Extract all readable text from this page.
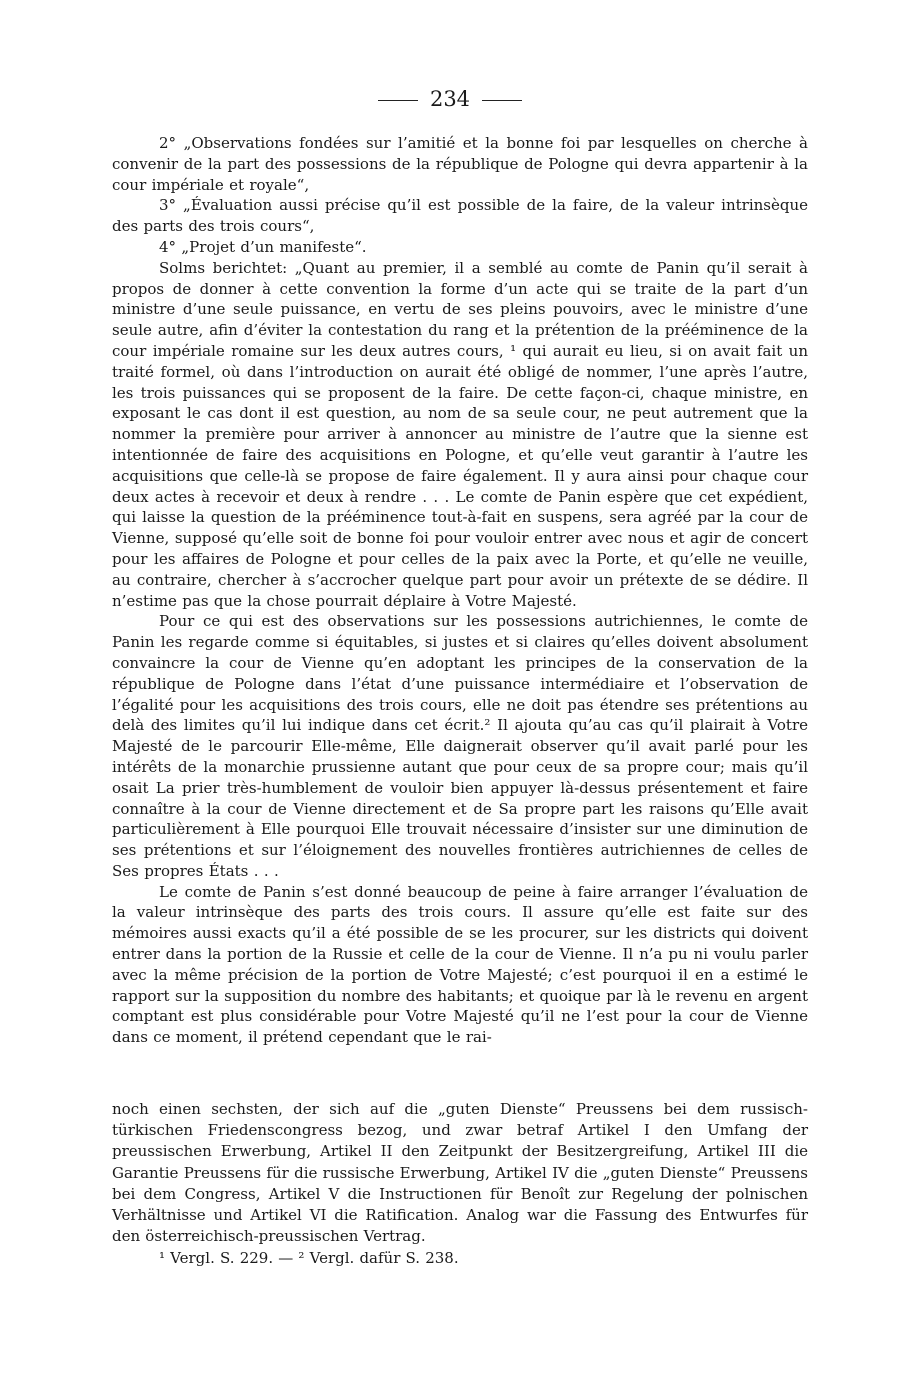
234

2° „Observations fondées sur l’amitié et la bonne foi par lesquelles on cherche à convenir de la part des possessions de la république de Pologne qui devra appartenir à la cour impériale et royale“,

3° „Évaluation aussi précise qu’il est possible de la faire, de la valeur intrinsèque des parts des trois cours“,

4° „Projet d’un manifeste“.

Solms berichtet: „Quant au premier, il a semblé au comte de Panin qu’il serait à propos de donner à cette convention la forme d’un acte qui se traite de la part d’un ministre d’une seule puissance, en vertu de ses pleins pouvoirs, avec le ministre d’une seule autre, afin d’éviter la contestation du rang et la prétention de la prééminence de la cour impériale romaine sur les deux autres cours, ¹ qui aurait eu lieu, si on avait fait un traité formel, où dans l’introduction on aurait été obligé de nommer, l’une après l’autre, les trois puissances qui se proposent de la faire. De cette façon-ci, chaque ministre, en exposant le cas dont il est question, au nom de sa seule cour, ne peut autrement que la nommer la première pour arriver à annoncer au ministre de l’autre que la sienne est intentionnée de faire des acquisitions en Pologne, et qu’elle veut garantir à l’autre les acquisitions que celle-là se propose de faire également. Il y aura ainsi pour chaque cour deux actes à recevoir et deux à rendre . . . Le comte de Panin espère que cet expédient, qui laisse la question de la prééminence tout-à-fait en suspens, sera agréé par la cour de Vienne, supposé qu’elle soit de bonne foi pour vouloir entrer avec nous et agir de concert pour les affaires de Pologne et pour celles de la paix avec la Porte, et qu’elle ne veuille, au contraire, chercher à s’accrocher quelque part pour avoir un prétexte de se dédire. Il n’estime pas que la chose pourrait déplaire à Votre Majesté.

Pour ce qui est des observations sur les possessions autrichiennes, le comte de Panin les regarde comme si équitables, si justes et si claires qu’elles doivent absolument convaincre la cour de Vienne qu’en adoptant les principes de la conservation de la république de Pologne dans l’état d’une puissance intermédiaire et l’observation de l’égalité pour les acquisitions des trois cours, elle ne doit pas étendre ses prétentions au delà des limites qu’il lui indique dans cet écrit.² Il ajouta qu’au cas qu’il plairait à Votre Majesté de le parcourir Elle-même, Elle daignerait observer qu’il avait parlé pour les intérêts de la monarchie prussienne autant que pour ceux de sa propre cour; mais qu’il osait La prier très-humblement de vouloir bien appuyer là-dessus présentement et faire connaître à la cour de Vienne directement et de Sa propre part les raisons qu’Elle avait particulièrement à Elle pourquoi Elle trouvait nécessaire d’insister sur une diminution de ses prétentions et sur l’éloignement des nouvelles frontières autrichiennes de celles de Ses propres États . . .

Le comte de Panin s’est donné beaucoup de peine à faire arranger l’évaluation de la valeur intrinsèque des parts des trois cours. Il assure qu’elle est faite sur des mémoires aussi exacts qu’il a été possible de se les procurer, sur les districts qui doivent entrer dans la portion de la Russie et celle de la cour de Vienne. Il n’a pu ni voulu parler avec la même précision de la portion de Votre Majesté; c’est pourquoi il en a estimé le rapport sur la supposition du nombre des habitants; et quoique par là le revenu en argent comptant est plus considérable pour Votre Majesté qu’il ne l’est pour la cour de Vienne dans ce moment, il prétend cependant que le rai-

noch einen sechsten, der sich auf die „guten Dienste“ Preussens bei dem russisch-türkischen Friedenscongress bezog, und zwar betraf Artikel I den Umfang der preussischen Erwerbung, Artikel II den Zeitpunkt der Besitzergreifung, Artikel III die Garantie Preussens für die russische Erwerbung, Artikel IV die „guten Dienste“ Preussens bei dem Congress, Artikel V die Instructionen für Benoît zur Regelung der polnischen Verhältnisse und Artikel VI die Ratification. Analog war die Fassung des Entwurfes für den österreichisch-preussischen Vertrag.

¹ Vergl. S. 229. — ² Vergl. dafür S. 238.
